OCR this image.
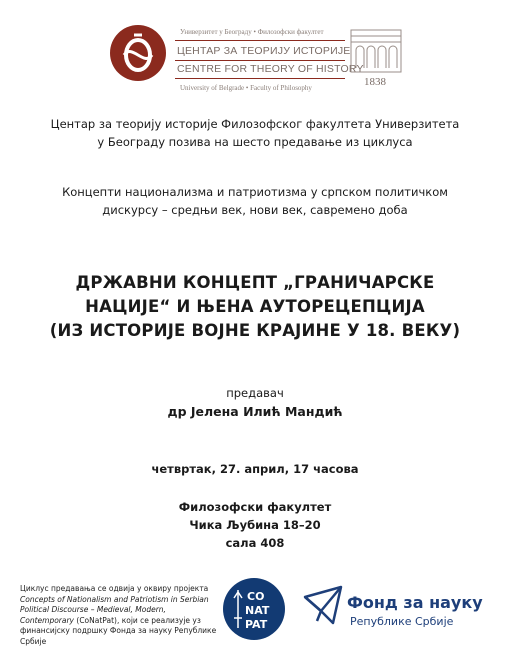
Универзитет у Београду • Филозофски факултет
ЦЕНТАР ЗА ТЕОРИЈУ ИСТОРИЈЕ
CENTRE FOR THEORY OF HISTORY
University of Belgrade • Faculty of Philosophy	1838
Центар за теорију историје Филозофског факултета Универзитета
у Београду позива на шесто предавање из циклуса
Концепти национализма и патриотизма у српском политичком
дискурсу – средњи век, нови век, савремено доба
ДРЖАВНИ КОНЦЕПТ „ГРАНИЧАРСКЕ
НАЦИЈЕ“ И ЊЕНА АУТОРЕЦЕПЦИЈА
(ИЗ ИСТОРИЈЕ ВОЈНЕ КРАЈИНЕ У 18. ВЕКУ)
предавач
др Јелена Илић Мандић
четвртак, 27. април, 17 часова
Филозофски факултет
Чика Љубина 18–20
сала 408
Циклус предавања се одвија у оквиру пројекта Concepts of Nationalism and Patriotism in Serbian Political Discourse – Medieval, Modern, Contemporary (CoNatPat), који се реализује уз финансијску подршку Фонда за науку Републике Србије
CO
NAT
PAT
Фонд за науку
Републике Србије
